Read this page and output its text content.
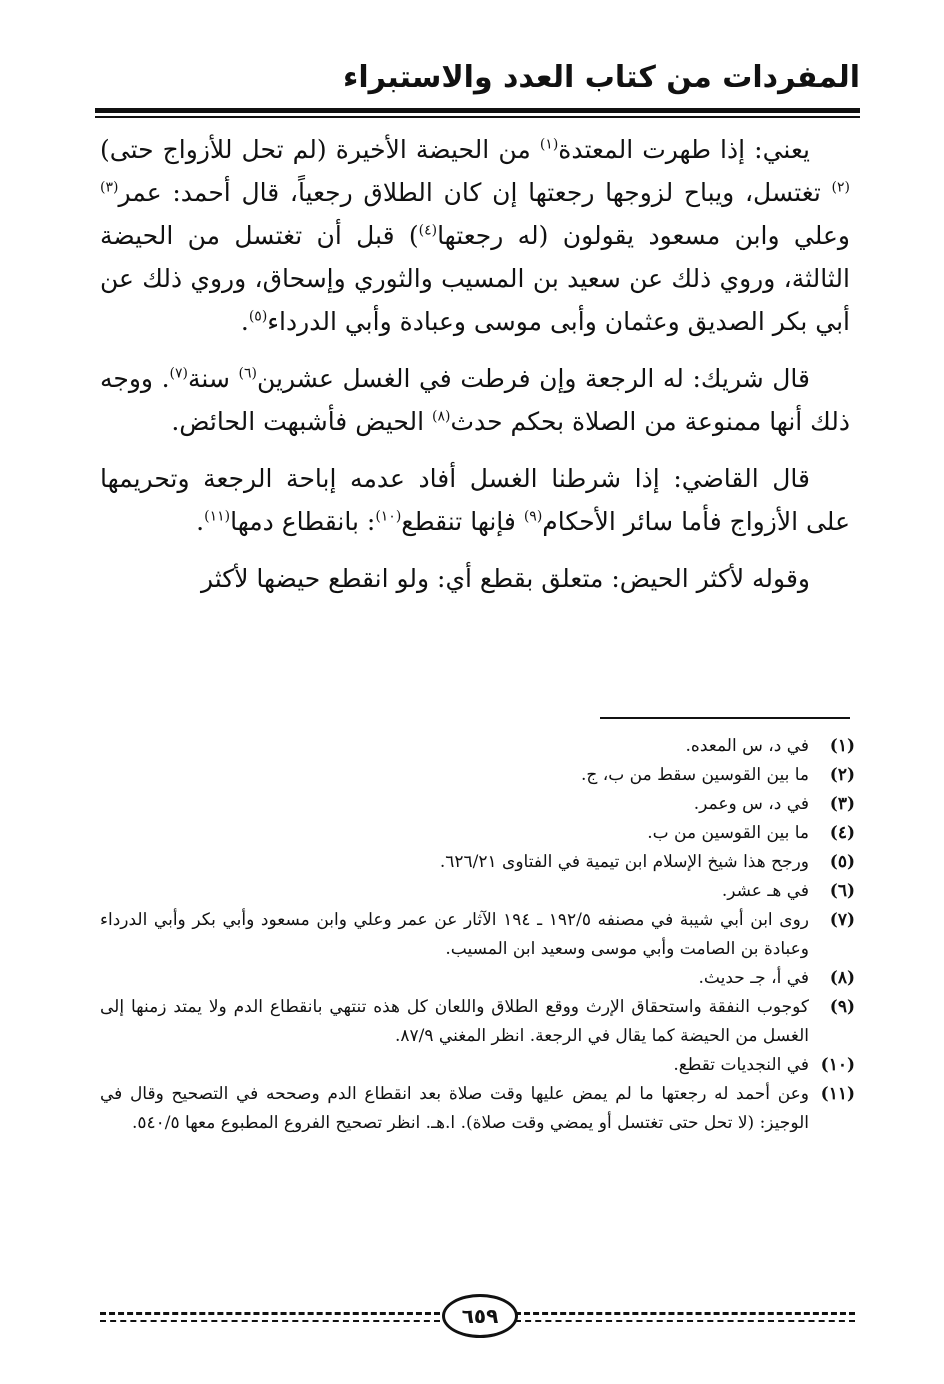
المفردات من كتاب العدد والاستبراء

يعني: إذا طهرت المعتدة$^{(١)}$ من الحيضة الأخيرة (لم تحل للأزواج حتى)$^{(٢)}$ تغتسل، ويباح لزوجها رجعتها إن كان الطلاق رجعياً، قال أحمد: عمر$^{(٣)}$ وعلي وابن مسعود يقولون (له رجعتها$^{(٤)}$) قبل أن تغتسل من الحيضة الثالثة، وروي ذلك عن سعيد بن المسيب والثوري وإسحاق، وروي ذلك عن أبي بكر الصديق وعثمان وأبى موسى وعبادة وأبي الدرداء$^{(٥)}$.

قال شريك: له الرجعة وإن فرطت في الغسل عشرين$^{(٦)}$ سنة$^{(٧)}$. ووجه ذلك أنها ممنوعة من الصلاة بحكم حدث$^{(٨)}$ الحيض فأشبهت الحائض.

قال القاضي: إذا شرطنا الغسل أفاد عدمه إباحة الرجعة وتحريمها على الأزواج فأما سائر الأحكام$^{(٩)}$ فإنها تنقطع$^{(١٠)}$: بانقطاع دمها$^{(١١)}$.

وقوله لأكثر الحيض: متعلق بقطع أي: ولو انقطع حيضها لأكثر

(١)
في د، س المعده.
(٢)
ما بين القوسين سقط من ب، ج.
(٣)
في د، س وعمر.
(٤)
ما بين القوسين من ب.
(٥)
ورجح هذا شيخ الإسلام ابن تيمية في الفتاوى ٦٢٦/٢١.
(٦)
في هـ عشر.
(٧)
روى ابن أبي شيبة في مصنفه ١٩٢/٥ ـ ١٩٤ الآثار عن عمر وعلي وابن مسعود وأبي بكر وأبي الدرداء وعبادة بن الصامت وأبي موسى وسعيد ابن المسيب.
(٨)
في أ، جـ حديث.
(٩)
كوجوب النفقة واستحقاق الإرث ووقع الطلاق واللعان كل هذه تنتهي بانقطاع الدم ولا يمتد زمنها إلى الغسل من الحيضة كما يقال في الرجعة. انظر المغني ٨٧/٩.
(١٠)
في النجديات تقطع.
(١١)
وعن أحمد له رجعتها ما لم يمض عليها وقت صلاة بعد انقطاع الدم وصححه في التصحيح وقال في الوجيز: (لا تحل حتى تغتسل أو يمضي وقت صلاة). ا.هـ. انظر تصحيح الفروع المطبوع معها ٥٤٠/٥.
٦٥٩
